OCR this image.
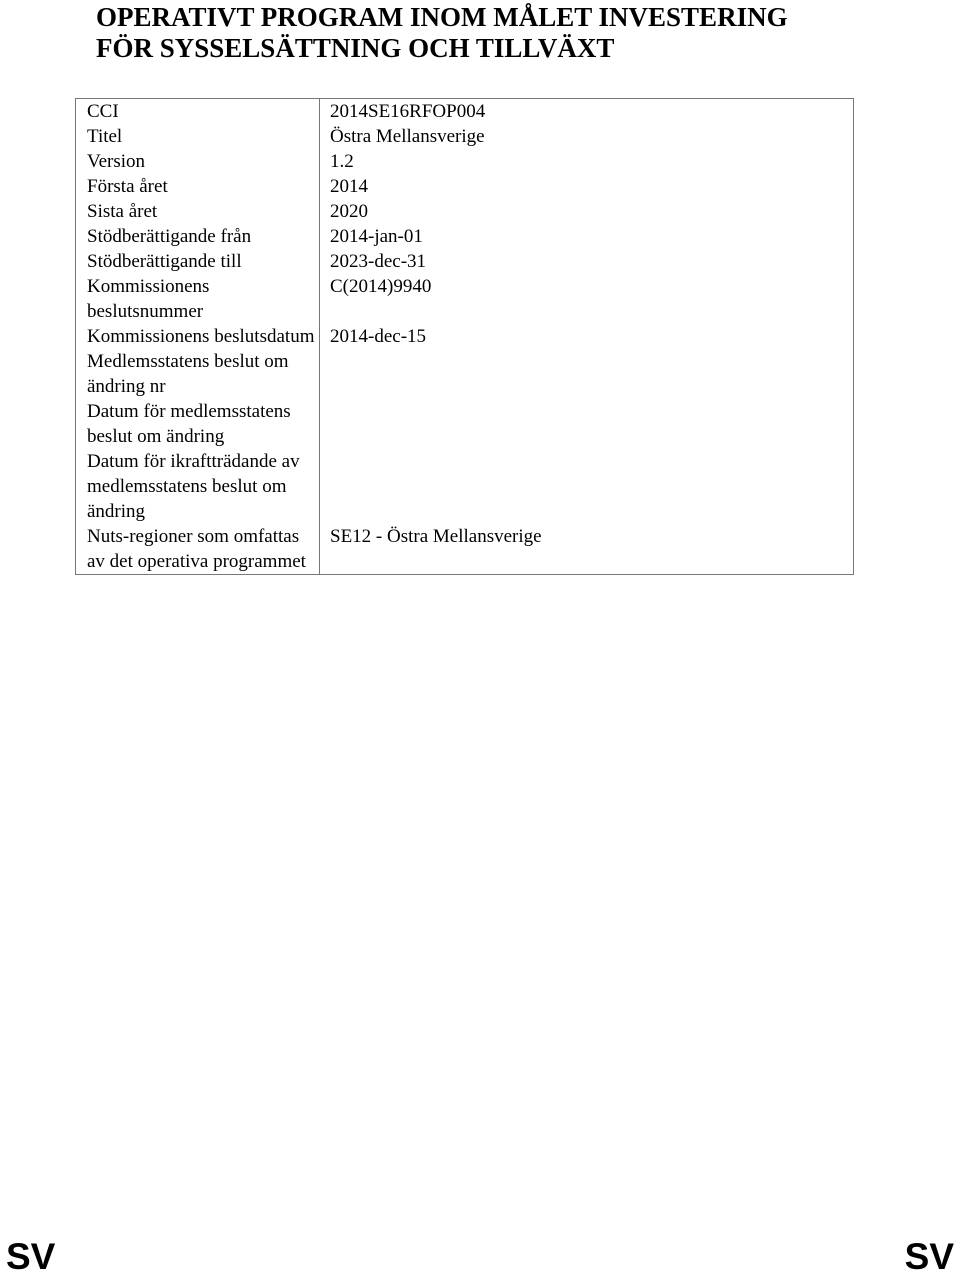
OPERATIVT PROGRAM INOM MÅLET INVESTERING
FÖR SYSSELSÄTTNING OCH TILLVÄXT
CCI	2014SE16RFOP004
Titel	Östra Mellansverige
Version	1.2
Första året	2014
Sista året	2020
Stödberättigande från	2014-jan-01
Stödberättigande till	2023-dec-31
Kommissionens beslutsnummer	C(2014)9940
Kommissionens beslutsdatum	2014-dec-15
Medlemsstatens beslut om ändring nr	
Datum för medlemsstatens beslut om ändring	
Datum för ikraftträdande av medlemsstatens beslut om ändring	
Nuts-regioner som omfattas av det operativa programmet	SE12 - Östra Mellansverige
SV	SV
